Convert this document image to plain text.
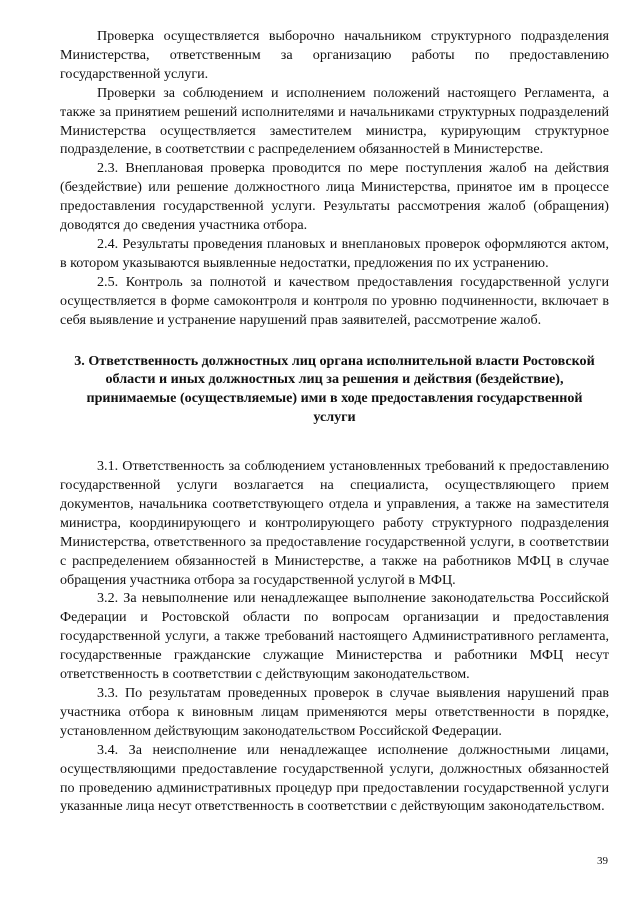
Проверка осуществляется выборочно начальником структурного подразделения Министерства, ответственным за организацию работы по предоставлению государственной услуги.

Проверки за соблюдением и исполнением положений настоящего Регламента, а также за принятием решений исполнителями и начальниками структурных подразделений Министерства осуществляется заместителем министра, курирующим структурное подразделение, в соответствии с распределением обязанностей в Министерстве.

2.3. Внеплановая проверка проводится по мере поступления жалоб на действия (бездействие) или решение должностного лица Министерства, принятое им в процессе предоставления государственной услуги. Результаты рассмотрения жалоб (обращения) доводятся до сведения участника отбора.

2.4. Результаты проведения плановых и внеплановых проверок оформляются актом, в котором указываются выявленные недостатки, предложения по их устранению.

2.5. Контроль за полнотой и качеством предоставления государственной услуги осуществляется в форме самоконтроля и контроля по уровню подчиненности, включает в себя выявление и устранение нарушений прав заявителей, рассмотрение жалоб.

3. Ответственность должностных лиц органа исполнительной власти Ростовской области и иных должностных лиц за решения и действия (бездействие), принимаемые (осуществляемые) ими в ходе предоставления государственной услуги

3.1. Ответственность за соблюдением установленных требований к предоставлению государственной услуги возлагается на специалиста, осуществляющего прием документов, начальника соответствующего отдела и управления, а также на заместителя министра, координирующего и контролирующего работу структурного подразделения Министерства, ответственного за предоставление государственной услуги, в соответствии с распределением обязанностей в Министерстве, а также на работников МФЦ в случае обращения участника отбора за государственной услугой в МФЦ.

3.2. За невыполнение или ненадлежащее выполнение законодательства Российской Федерации и Ростовской области по вопросам организации и предоставления государственной услуги, а также требований настоящего Административного регламента, государственные гражданские служащие Министерства и работники МФЦ несут ответственность в соответствии с действующим законодательством.

3.3. По результатам проведенных проверок в случае выявления нарушений прав участника отбора к виновным лицам применяются меры ответственности в порядке, установленном действующим законодательством Российской Федерации.

3.4. За неисполнение или ненадлежащее исполнение должностными лицами, осуществляющими предоставление государственной услуги, должностных обязанностей по проведению административных процедур при предоставлении государственной услуги указанные лица несут ответственность в соответствии с действующим законодательством.

39
